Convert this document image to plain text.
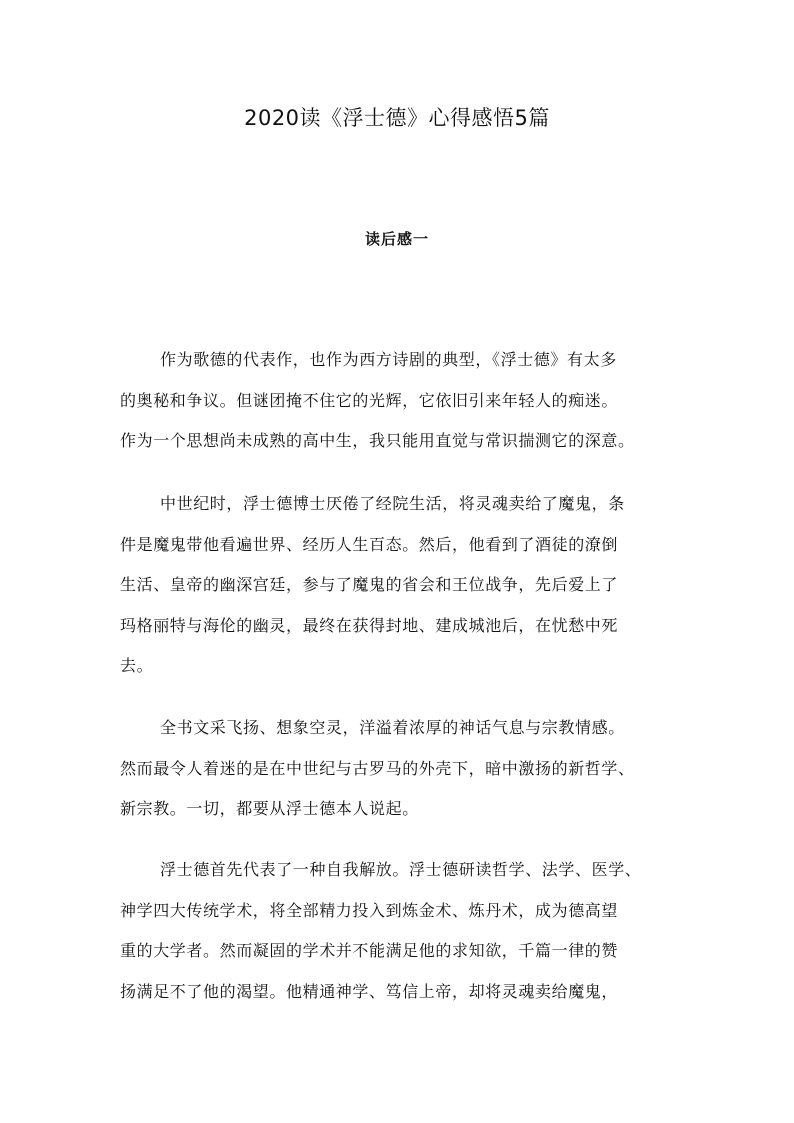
2020读《浮士德》心得感悟5篇
读后感一

作为歌德的代表作，也作为西方诗剧的典型，《浮士德》有太多
的奥秘和争议。但谜团掩不住它的光辉，它依旧引来年轻人的痴迷。
作为一个思想尚未成熟的高中生，我只能用直觉与常识揣测它的深意。

中世纪时，浮士德博士厌倦了经院生活，将灵魂卖给了魔鬼，条
件是魔鬼带他看遍世界、经历人生百态。然后，他看到了酒徒的潦倒
生活、皇帝的幽深宫廷，参与了魔鬼的省会和王位战争，先后爱上了
玛格丽特与海伦的幽灵，最终在获得封地、建成城池后，在忧愁中死
去。

全书文采飞扬、想象空灵，洋溢着浓厚的神话气息与宗教情感。
然而最令人着迷的是在中世纪与古罗马的外壳下，暗中激扬的新哲学、
新宗教。一切，都要从浮士德本人说起。

浮士德首先代表了一种自我解放。浮士德研读哲学、法学、医学、
神学四大传统学术，将全部精力投入到炼金术、炼丹术，成为德高望
重的大学者。然而凝固的学术并不能满足他的求知欲，千篇一律的赞
扬满足不了他的渴望。他精通神学、笃信上帝，却将灵魂卖给魔鬼，
